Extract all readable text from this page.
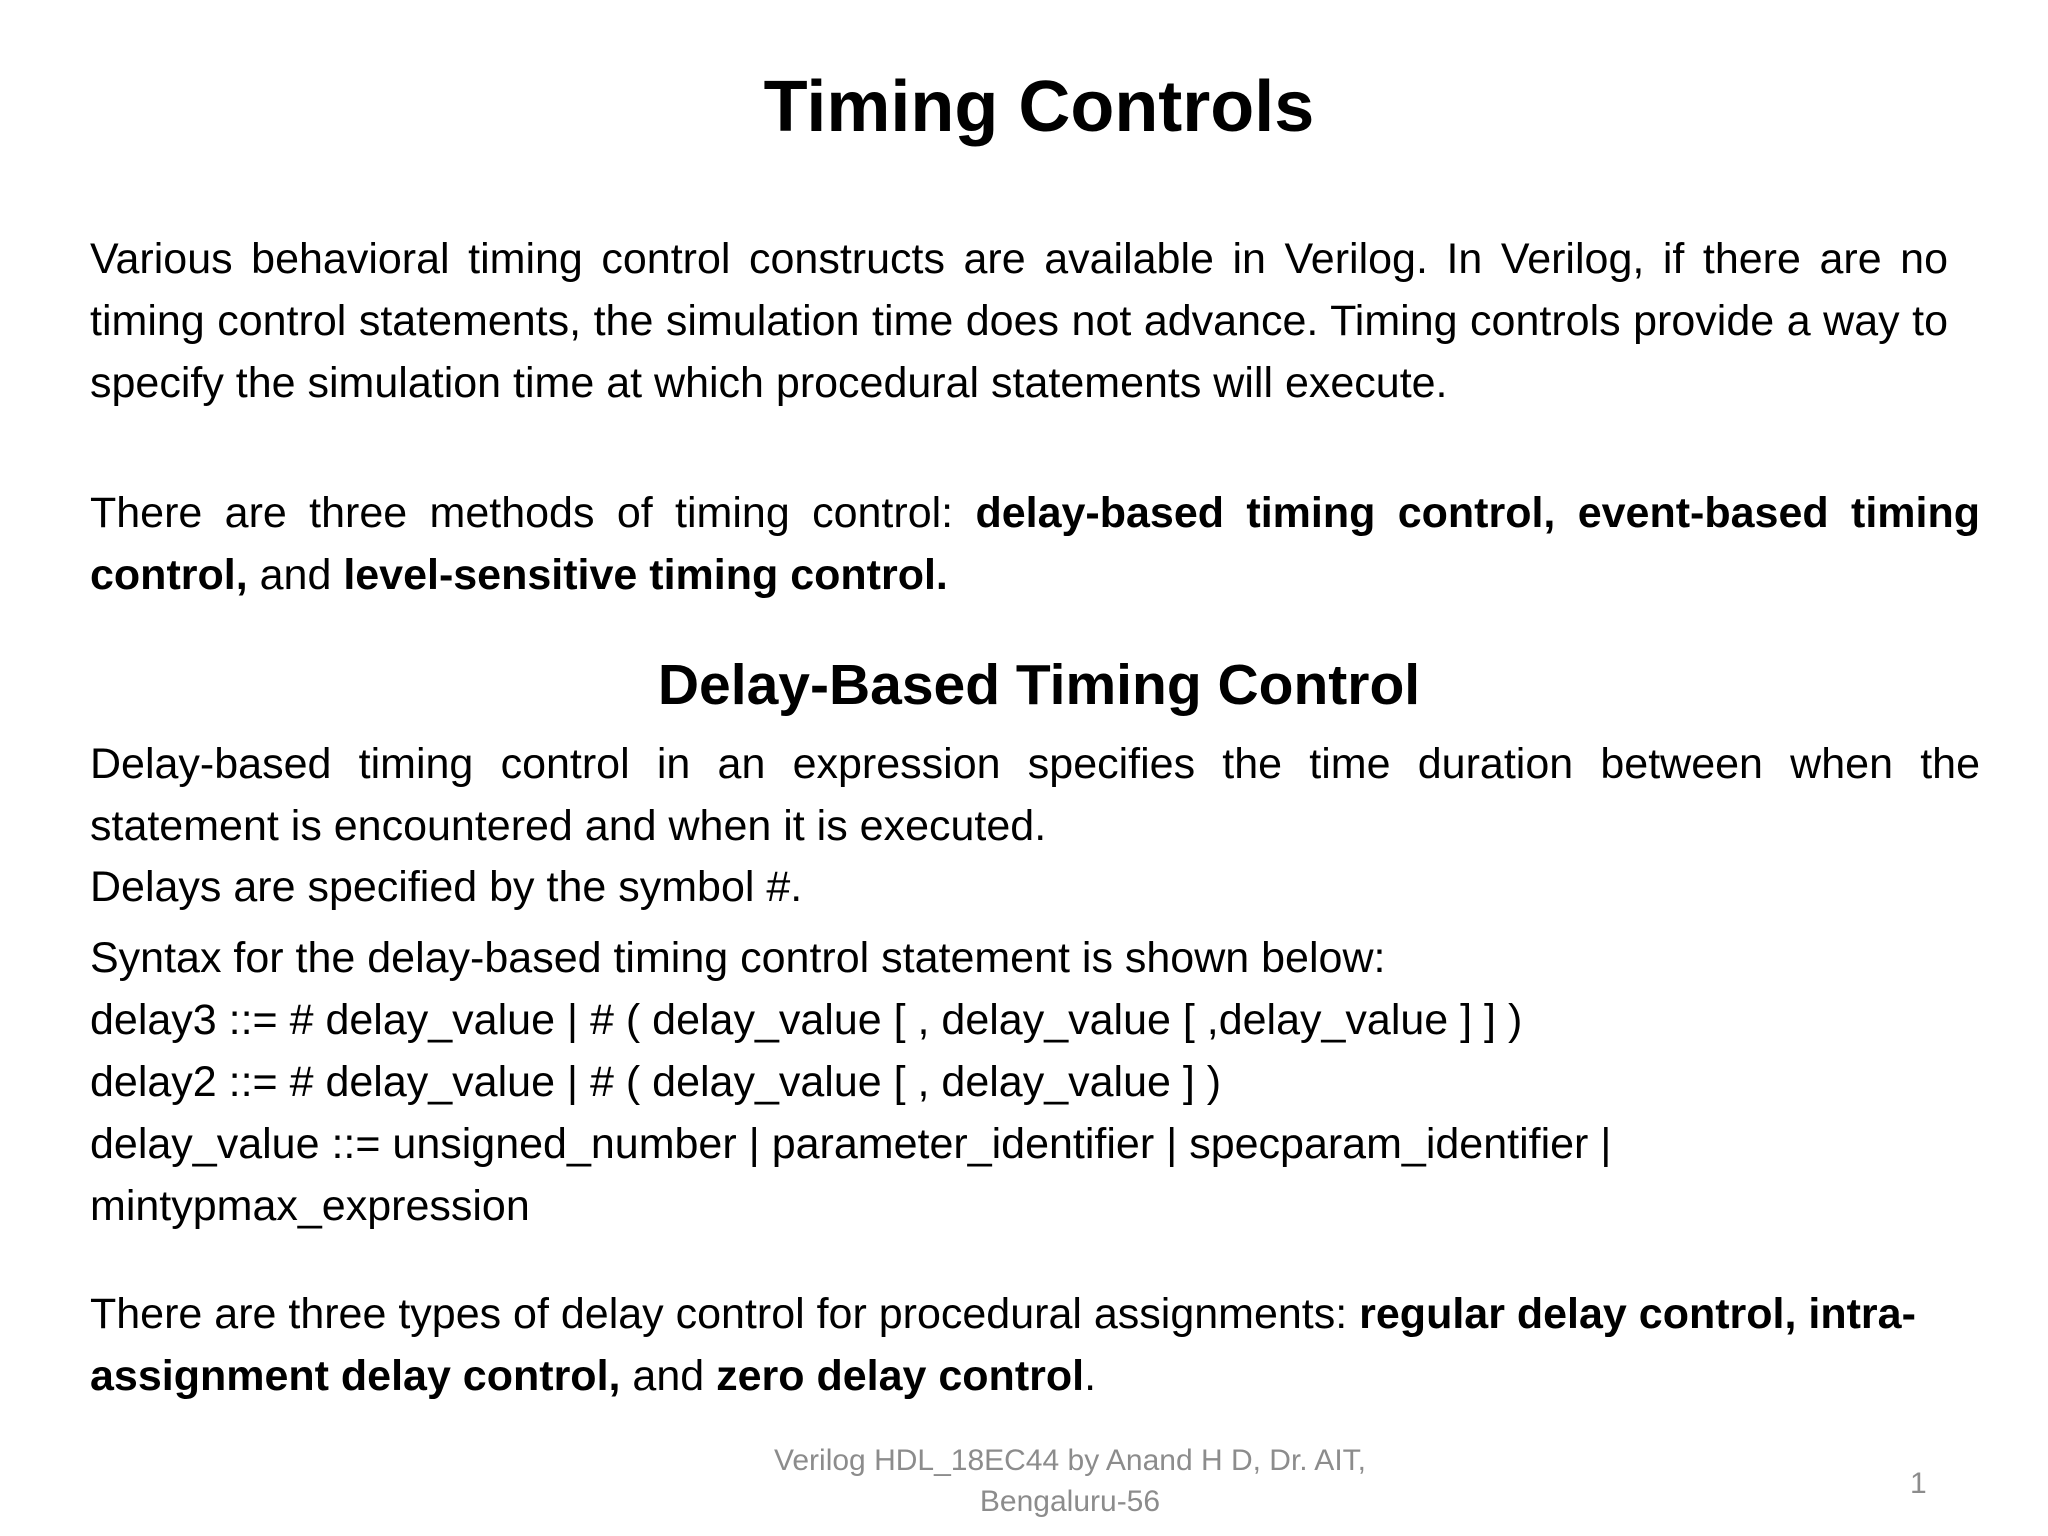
Timing Controls

Various behavioral timing control constructs are available in Verilog. In Verilog, if there are no timing control statements, the simulation time does not advance. Timing controls provide a way to specify the simulation time at which procedural statements will execute.

There are three methods of timing control: delay-based timing control, event-based timing control, and level-sensitive timing control.

Delay-Based Timing Control

Delay-based timing control in an expression specifies the time duration between when the statement is encountered and when it is executed.

Delays are specified by the symbol #.

Syntax for the delay-based timing control statement is shown below:
delay3 ::= # delay_value | # ( delay_value [ , delay_value [ ,delay_value ] ] )
delay2 ::= # delay_value | # ( delay_value [ , delay_value ] )
delay_value ::= unsigned_number | parameter_identifier | specparam_identifier |
mintypmax_expression

There are three types of delay control for procedural assignments: regular delay control, intra-assignment delay control, and zero delay control.

Verilog HDL_18EC44 by Anand H D, Dr. AIT,
Bengaluru-56
1
